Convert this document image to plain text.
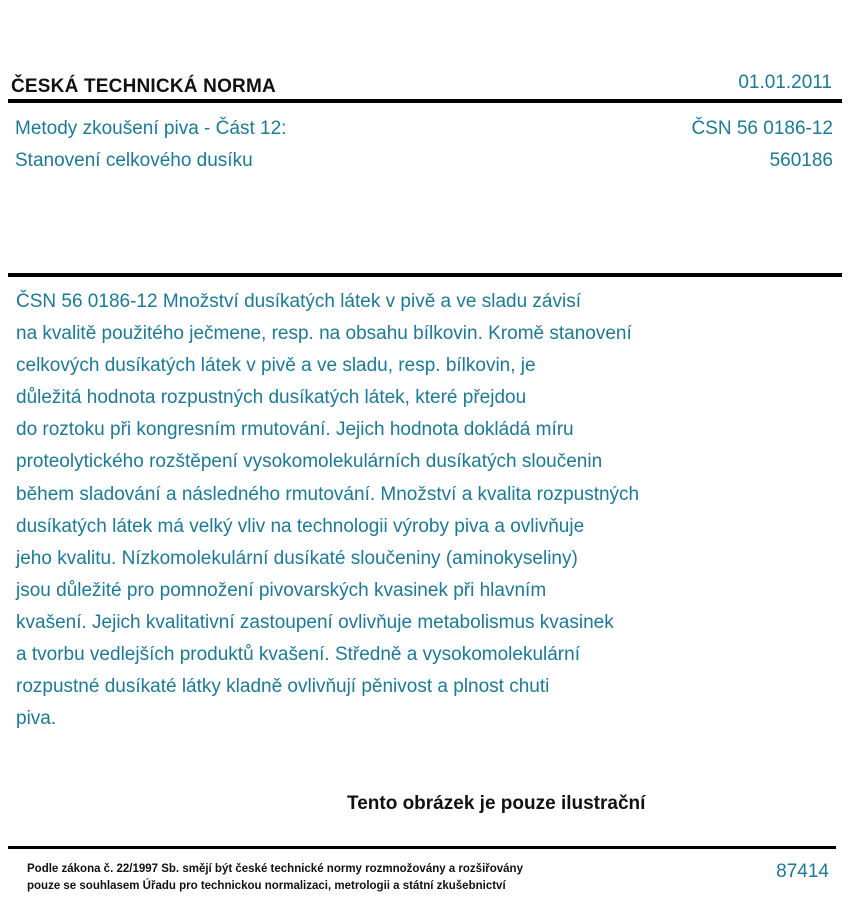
ČESKÁ TECHNICKÁ NORMA	01.01.2011
Metody zkoušení piva - Část 12:
Stanovení celkového dusíku
ČSN 56 0186-12
560186
ČSN 56 0186-12 Množství dusíkatých látek v pivě a ve sladu závisí
na kvalitě použitého ječmene, resp. na obsahu bílkovin. Kromě stanovení
celkových dusíkatých látek v pivě a ve sladu, resp. bílkovin, je
důležitá hodnota rozpustných dusíkatých látek, které přejdou
do roztoku při kongresním rmutování. Jejich hodnota dokládá míru
proteolytického rozštěpení vysokomolekulárních dusíkatých sloučenin
během sladování a následného rmutování. Množství a kvalita rozpustných
dusíkatých látek má velký vliv na technologii výroby piva a ovlivňuje
jeho kvalitu. Nízkomolekulární dusíkaté sloučeniny (aminokyseliny)
jsou důležité pro pomnožení pivovarských kvasinek při hlavním
kvašení. Jejich kvalitativní zastoupení ovlivňuje metabolismus kvasinek
a tvorbu vedlejších produktů kvašení. Středně a vysokomolekulární
rozpustné dusíkaté látky kladně ovlivňují pěnivost a plnost chuti
piva.
Tento obrázek je pouze ilustrační
Podle zákona č. 22/1997 Sb. smějí být české technické normy rozmnožovány a rozšiřovány
pouze se souhlasem Úřadu pro technickou normalizaci, metrologii a státní zkušebnictví
87414
